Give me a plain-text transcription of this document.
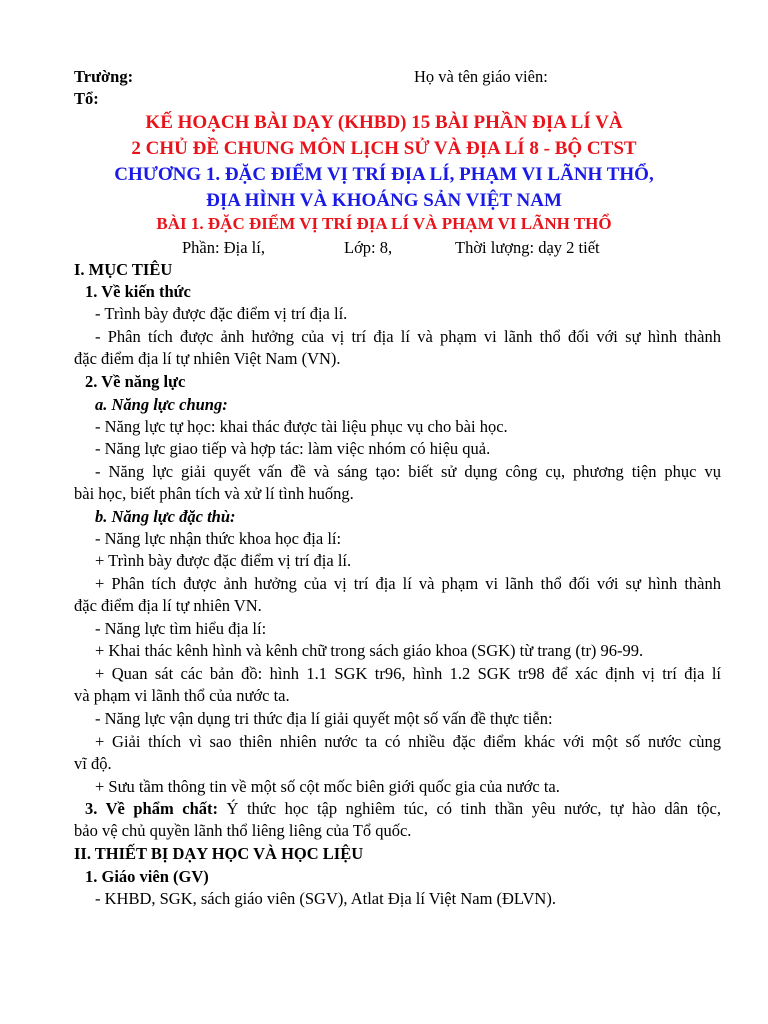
Trường:	Họ và tên giáo viên:
Tổ:
KẾ HOẠCH BÀI DẠY (KHBD) 15 BÀI PHẦN ĐỊA LÍ VÀ
2 CHỦ ĐỀ CHUNG MÔN LỊCH SỬ VÀ ĐỊA LÍ 8 - BỘ CTST
CHƯƠNG 1. ĐẶC ĐIỂM VỊ TRÍ ĐỊA LÍ, PHẠM VI LÃNH THỔ,
ĐỊA HÌNH VÀ KHOÁNG SẢN VIỆT NAM
BÀI 1. ĐẶC ĐIỂM VỊ TRÍ ĐỊA LÍ VÀ PHẠM VI LÃNH THỔ
Phần: Địa lí,	Lớp: 8,	Thời lượng: dạy 2 tiết
I. MỤC TIÊU
1. Về kiến thức
- Trình bày được đặc điểm vị trí địa lí.
- Phân tích được ảnh hưởng của vị trí địa lí và phạm vi lãnh thổ đối với sự hình thành
đặc điểm địa lí tự nhiên Việt Nam (VN).
2. Về năng lực
a. Năng lực chung:
- Năng lực tự học: khai thác được tài liệu phục vụ cho bài học.
- Năng lực giao tiếp và hợp tác: làm việc nhóm có hiệu quả.
- Năng lực giải quyết vấn đề và sáng tạo: biết sử dụng công cụ, phương tiện phục vụ
bài học, biết phân tích và xử lí tình huống.
b. Năng lực đặc thù:
- Năng lực nhận thức khoa học địa lí:
+ Trình bày được đặc điểm vị trí địa lí.
+ Phân tích được ảnh hưởng của vị trí địa lí và phạm vi lãnh thổ đối với sự hình thành
đặc điểm địa lí tự nhiên VN.
- Năng lực tìm hiểu địa lí:
+ Khai thác kênh hình và kênh chữ trong sách giáo khoa (SGK) từ trang (tr) 96-99.
+ Quan sát các bản đồ: hình 1.1 SGK tr96, hình 1.2 SGK tr98 để xác định vị trí địa lí
và phạm vi lãnh thổ của nước ta.
- Năng lực vận dụng tri thức địa lí giải quyết một số vấn đề thực tiễn:
+ Giải thích vì sao thiên nhiên nước ta có nhiều đặc điểm khác với một số nước cùng
vĩ độ.
+ Sưu tầm thông tin về một số cột mốc biên giới quốc gia của nước ta.
3. Về phẩm chất: Ý thức học tập nghiêm túc, có tinh thần yêu nước, tự hào dân tộc,
bảo vệ chủ quyền lãnh thổ liêng liêng của Tổ quốc.
II. THIẾT BỊ DẠY HỌC VÀ HỌC LIỆU
1. Giáo viên (GV)
- KHBD, SGK, sách giáo viên (SGV), Atlat Địa lí Việt Nam (ĐLVN).
